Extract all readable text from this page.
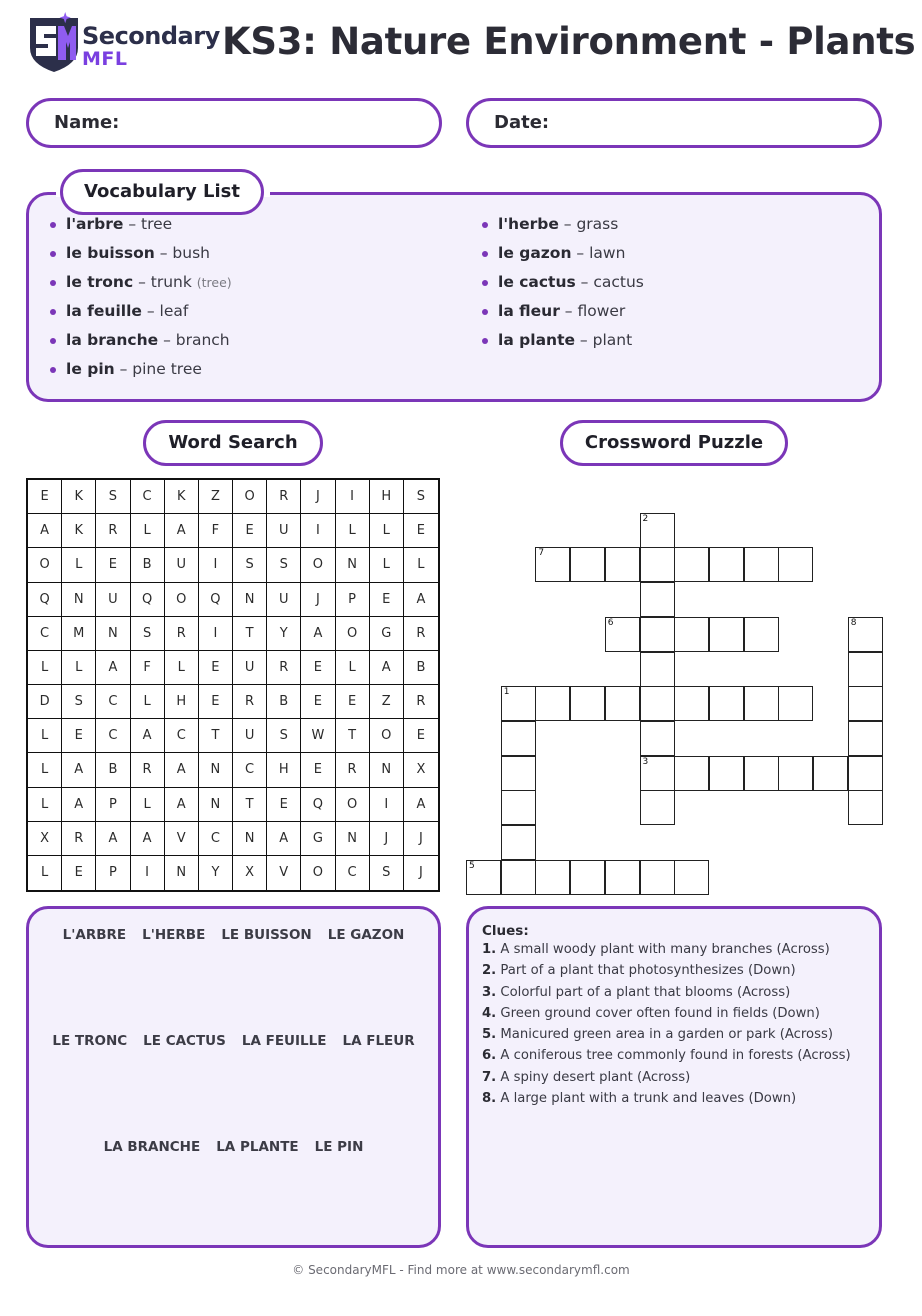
Secondary
MFL	KS3: Nature Environment - Plants
Name:	Date:
Vocabulary List
l'arbre – tree
le buisson – bush
le tronc – trunk (tree)
la feuille – leaf
la branche – branch
le pin – pine tree
l'herbe – grass
le gazon – lawn
le cactus – cactus
la fleur – flower
la plante – plant
Word Search	Crossword Puzzle
E	K	S	C	K	Z	O	R	J	I	H	S
A	K	R	L	A	F	E	U	I	L	L	E
O	L	E	B	U	I	S	S	O	N	L	L
Q	N	U	Q	O	Q	N	U	J	P	E	A
C	M	N	S	R	I	T	Y	A	O	G	R
L	L	A	F	L	E	U	R	E	L	A	B
D	S	C	L	H	E	R	B	E	E	Z	R
L	E	C	A	C	T	U	S	W	T	O	E
L	A	B	R	A	N	C	H	E	R	N	X
L	A	P	L	A	N	T	E	Q	O	I	A
X	R	A	A	V	C	N	A	G	N	J	J
L	E	P	I	N	Y	X	V	O	C	S	J
2
7
6	8
1
3
5
L'ARBRE L'HERBE LE BUISSON LE GAZON
LE TRONC LE CACTUS LA FEUILLE LA FLEUR
LA BRANCHE LA PLANTE LE PIN
Clues:
1. A small woody plant with many branches (Across)
2. Part of a plant that photosynthesizes (Down)
3. Colorful part of a plant that blooms (Across)
4. Green ground cover often found in fields (Down)
5. Manicured green area in a garden or park (Across)
6. A coniferous tree commonly found in forests (Across)
7. A spiny desert plant (Across)
8. A large plant with a trunk and leaves (Down)
© SecondaryMFL - Find more at www.secondarymfl.com
